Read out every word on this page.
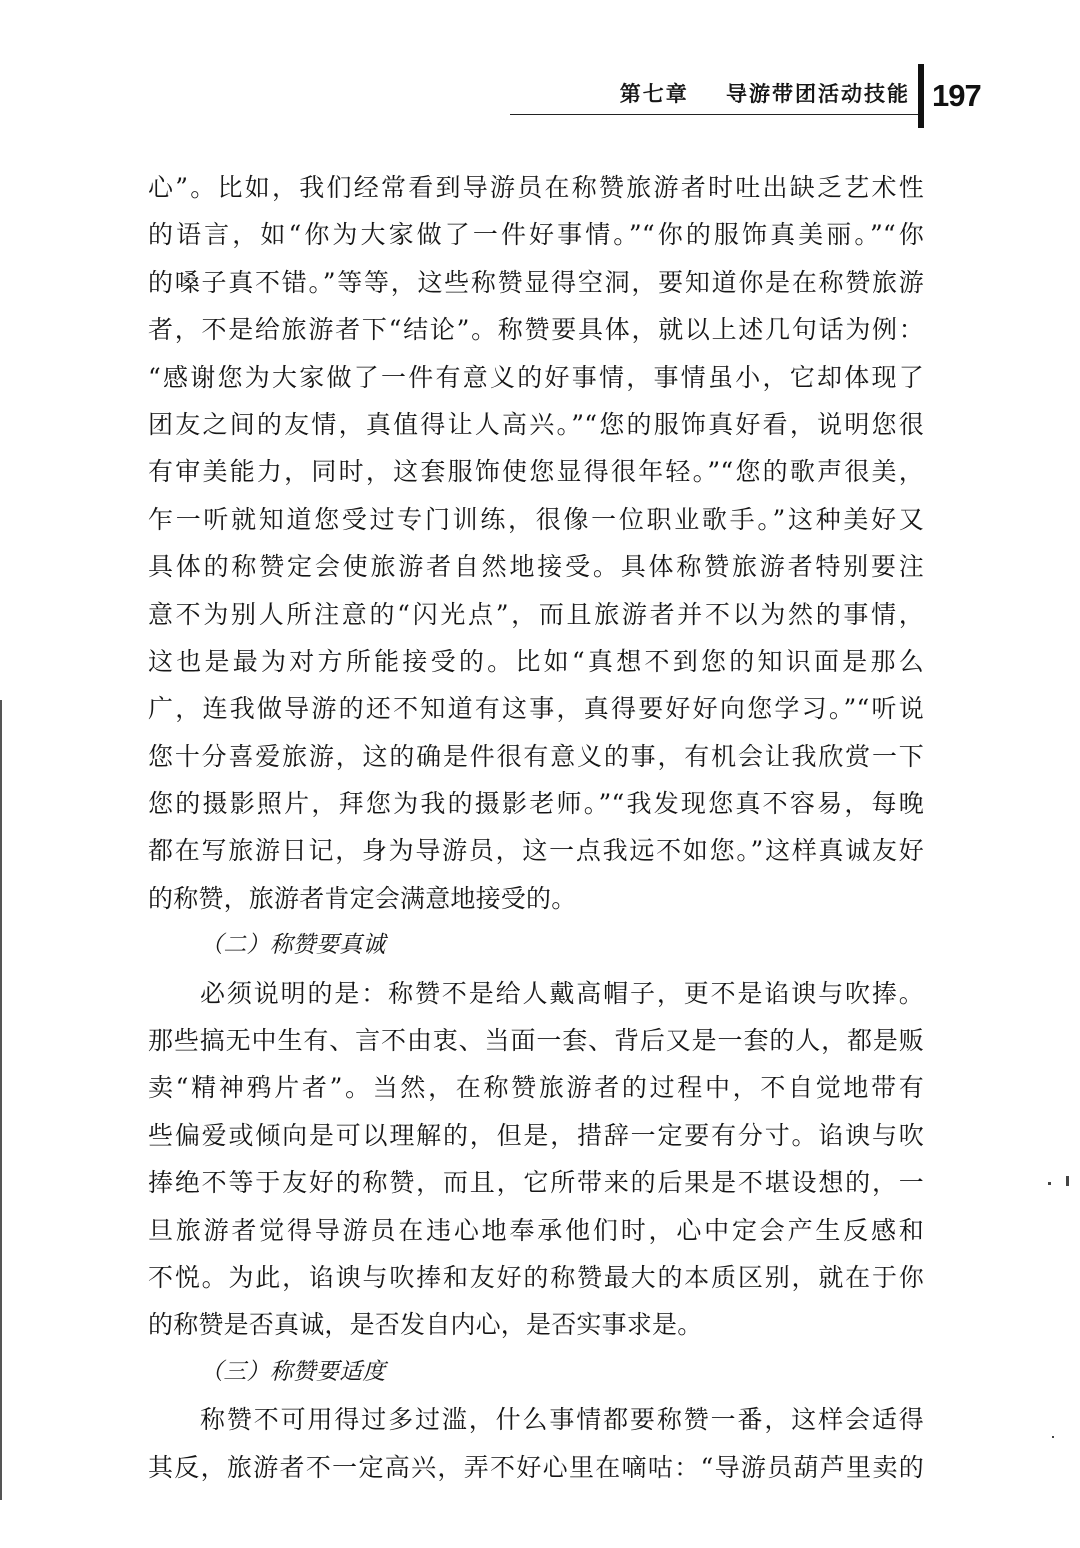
第七章 导游带团活动技能 197
心”。比如，我们经常看到导游员在称赞旅游者时吐出缺乏艺术性
的语言，如“你为大家做了一件好事情。”“你的服饰真美丽。”“你
的嗓子真不错。”等等，这些称赞显得空洞，要知道你是在称赞旅游
者，不是给旅游者下“结论”。称赞要具体，就以上述几句话为例：
“感谢您为大家做了一件有意义的好事情，事情虽小，它却体现了
团友之间的友情，真值得让人高兴。”“您的服饰真好看，说明您很
有审美能力，同时，这套服饰使您显得很年轻。”“您的歌声很美，
乍一听就知道您受过专门训练，很像一位职业歌手。”这种美好又
具体的称赞定会使旅游者自然地接受。具体称赞旅游者特别要注
意不为别人所注意的“闪光点”，而且旅游者并不以为然的事情，
这也是最为对方所能接受的。比如“真想不到您的知识面是那么
广，连我做导游的还不知道有这事，真得要好好向您学习。”“听说
您十分喜爱旅游，这的确是件很有意义的事，有机会让我欣赏一下
您的摄影照片，拜您为我的摄影老师。”“我发现您真不容易，每晚
都在写旅游日记，身为导游员，这一点我远不如您。”这样真诚友好
的称赞，旅游者肯定会满意地接受的。
（二）称赞要真诚
必须说明的是：称赞不是给人戴高帽子，更不是谄谀与吹捧。
那些搞无中生有、言不由衷、当面一套、背后又是一套的人，都是贩
卖“精神鸦片者”。当然，在称赞旅游者的过程中，不自觉地带有
些偏爱或倾向是可以理解的，但是，措辞一定要有分寸。谄谀与吹
捧绝不等于友好的称赞，而且，它所带来的后果是不堪设想的，一
旦旅游者觉得导游员在违心地奉承他们时，心中定会产生反感和
不悦。为此，谄谀与吹捧和友好的称赞最大的本质区别，就在于你
的称赞是否真诚，是否发自内心，是否实事求是。
（三）称赞要适度
称赞不可用得过多过滥，什么事情都要称赞一番，这样会适得
其反，旅游者不一定高兴，弄不好心里在嘀咕：“导游员葫芦里卖的
